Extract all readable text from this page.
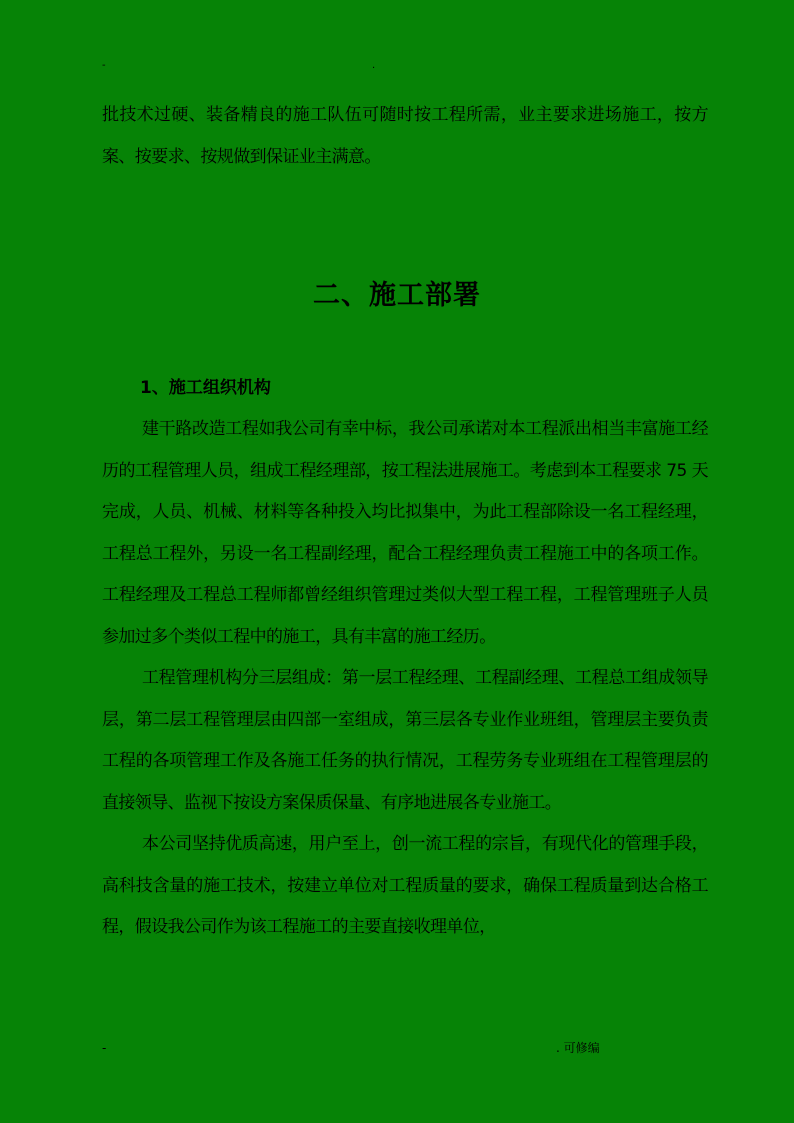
-	.

批技术过硬、装备精良的施工队伍可随时按工程所需，业主要求进场施工，按方案、按要求、按规做到保证业主满意。

二、施工部署
1、施工组织机构

建干路改造工程如我公司有幸中标，我公司承诺对本工程派出相当丰富施工经历的工程管理人员，组成工程经理部，按工程法进展施工。考虑到本工程要求 75 天完成，人员、机械、材料等各种投入均比拟集中，为此工程部除设一名工程经理，工程总工程外，另设一名工程副经理，配合工程经理负责工程施工中的各项工作。工程经理及工程总工程师都曾经组织管理过类似大型工程工程，工程管理班子人员参加过多个类似工程中的施工，具有丰富的施工经历。

工程管理机构分三层组成：第一层工程经理、工程副经理、工程总工组成领导层，第二层工程管理层由四部一室组成，第三层各专业作业班组，管理层主要负责工程的各项管理工作及各施工任务的执行情况，工程劳务专业班组在工程管理层的直接领导、监视下按设方案保质保量、有序地进展各专业施工。

本公司坚持优质高速，用户至上，创一流工程的宗旨，有现代化的管理手段，高科技含量的施工技术，按建立单位对工程质量的要求，确保工程质量到达合格工程，假设我公司作为该工程施工的主要直接收理单位，

-	. 可修编
